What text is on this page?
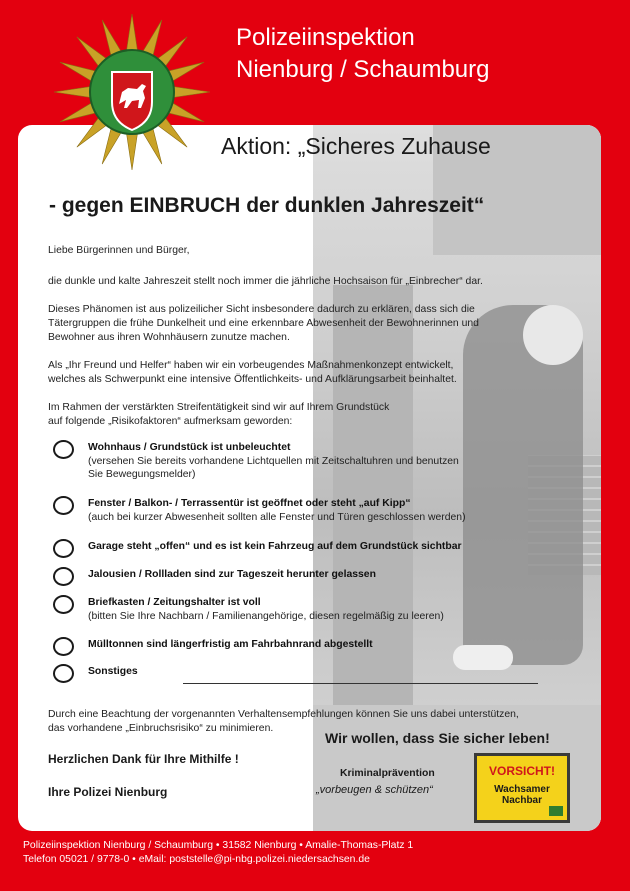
Polizeiinspektion
Nienburg / Schaumburg
Aktion: „Sicheres Zuhause
- gegen EINBRUCH der dunklen Jahreszeit“
Liebe Bürgerinnen und Bürger,
die dunkle und kalte Jahreszeit stellt noch immer die jährliche Hochsaison für „Einbrecher“ dar.

Dieses Phänomen ist aus polizeilicher Sicht insbesondere dadurch zu erklären, dass sich die

Tätergruppen die frühe Dunkelheit und eine erkennbare Abwesenheit der Bewohnerinnen und

Bewohner aus ihren Wohnhäusern zunutze machen.

Als „Ihr Freund und Helfer“ haben wir ein vorbeugendes Maßnahmenkonzept entwickelt,

welches als Schwerpunkt eine intensive Öffentlichkeits- und Aufklärungsarbeit beinhaltet.

Im Rahmen der verstärkten Streifentätigkeit sind wir auf Ihrem Grundstück

auf folgende „Risikofaktoren“ aufmerksam geworden:

Wohnhaus / Grundstück ist unbeleuchtet
(versehen Sie bereits vorhandene Lichtquellen mit Zeitschaltuhren und benutzen
Sie Bewegungsmelder)
Fenster / Balkon- / Terrassentür ist geöffnet oder steht „auf Kipp“
(auch bei kurzer Abwesenheit sollten alle Fenster und Türen geschlossen werden)
Garage steht „offen“ und es ist kein Fahrzeug auf dem Grundstück sichtbar
Jalousien / Rollladen sind zur Tageszeit herunter gelassen
Briefkasten / Zeitungshalter ist voll
(bitten Sie Ihre Nachbarn / Familienangehörige, diesen regelmäßig zu leeren)
Mülltonnen sind längerfristig am Fahrbahnrand abgestellt
Sonstiges

Durch eine Beachtung der vorgenannten Verhaltensempfehlungen können Sie uns dabei unterstützen,

das vorhandene „Einbruchsrisiko“ zu minimieren.

Wir wollen, dass Sie sicher leben!
Herzlichen Dank für Ihre Mithilfe !
Ihre Polizei Nienburg
Kriminalprävention
„vorbeugen & schützen“
VORSICHT!
Wachsamer Nachbar
Polizeiinspektion Nienburg / Schaumburg • 31582 Nienburg • Amalie-Thomas-Platz 1
Telefon 05021 / 9778-0 • eMail: poststelle@pi-nbg.polizei.niedersachsen.de
